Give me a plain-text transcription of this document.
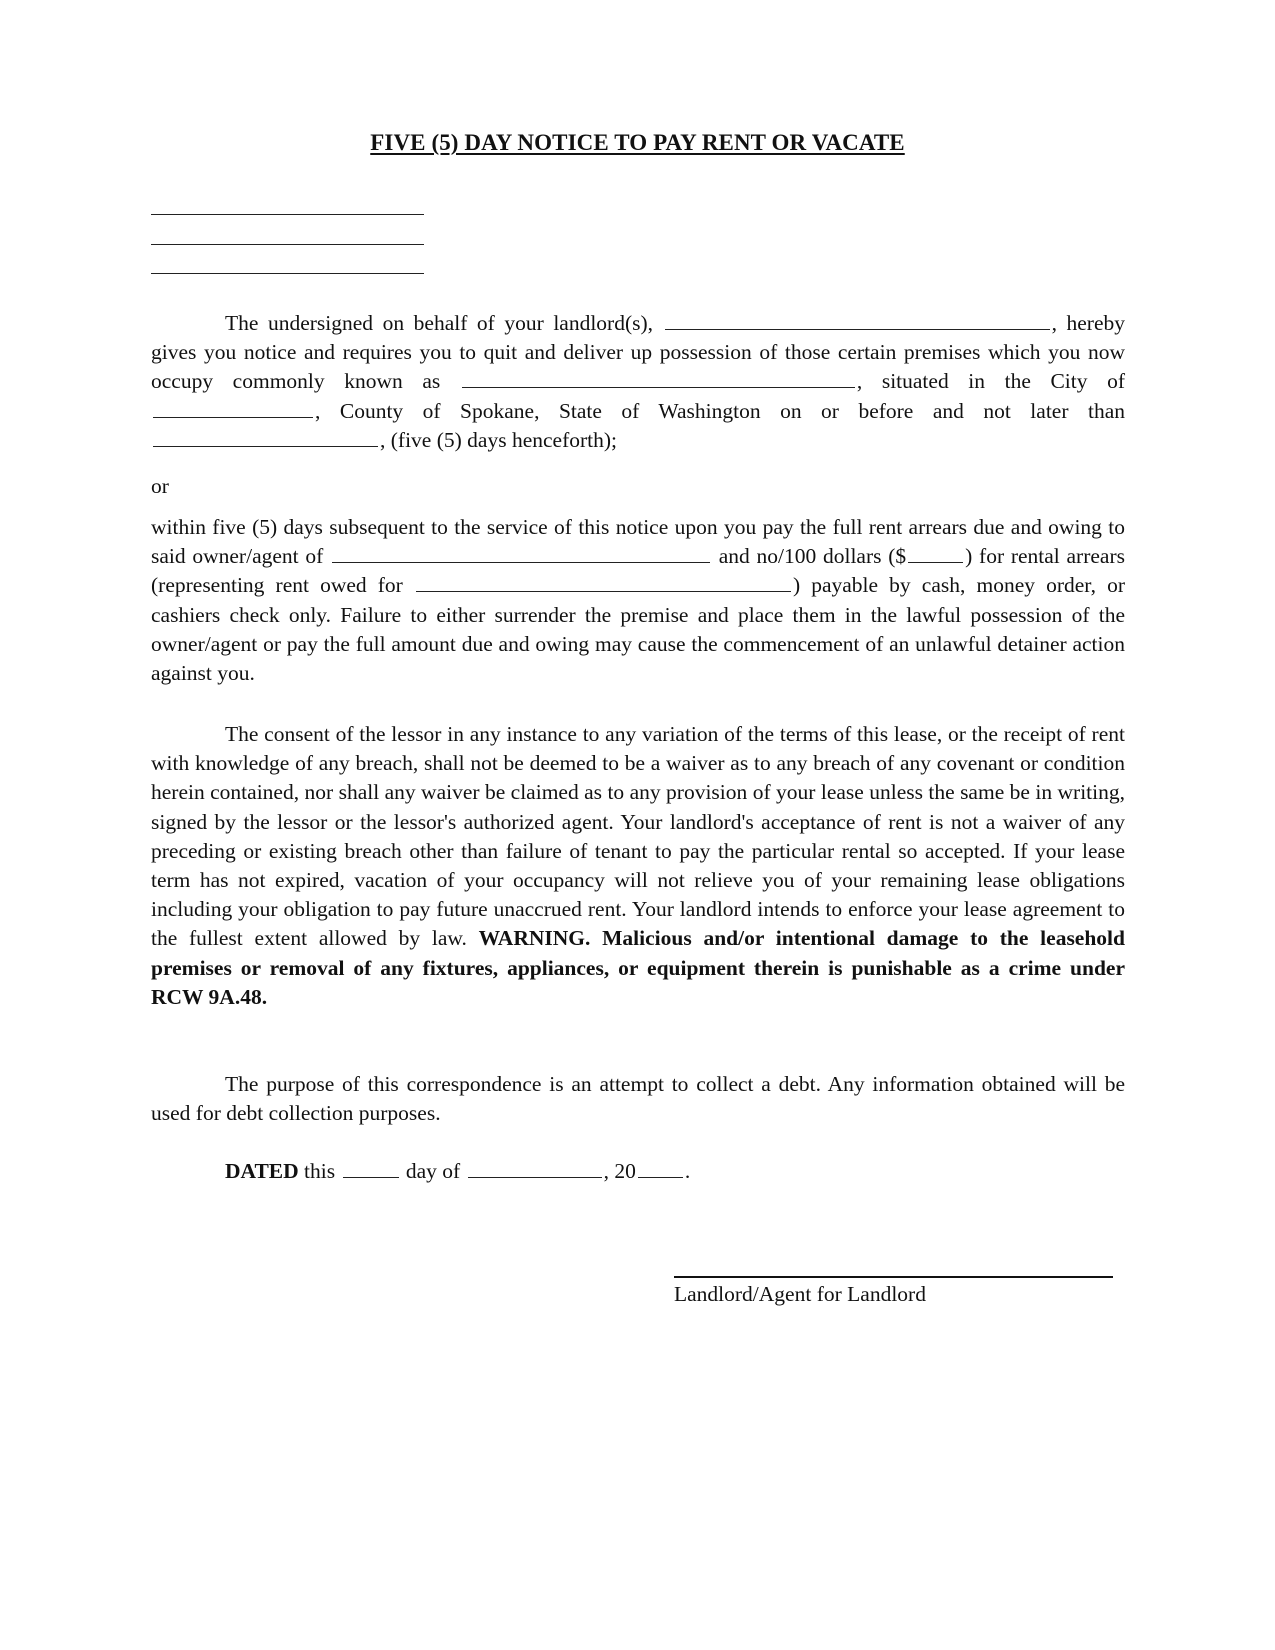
FIVE (5) DAY NOTICE TO PAY RENT OR VACATE
The undersigned on behalf of your landlord(s),	, hereby gives you notice and requires you to quit and deliver up possession of those certain premises which you now occupy commonly known as	, situated in the City of , County of Spokane, State of Washington on or before and not later than , (five (5) days henceforth);
or
within five (5) days subsequent to the service of this notice upon you pay the full rent arrears due and owing to said owner/agent of	and no/100 dollars ($	) for rental arrears (representing rent owed for	) payable by cash, money order, or cashiers check only. Failure to either surrender the premise and place them in the lawful possession of the owner/agent or pay the full amount due and owing may cause the commencement of an unlawful detainer action against you.
The consent of the lessor in any instance to any variation of the terms of this lease, or the receipt of rent with knowledge of any breach, shall not be deemed to be a waiver as to any breach of any covenant or condition herein contained, nor shall any waiver be claimed as to any provision of your lease unless the same be in writing, signed by the lessor or the lessor's authorized agent. Your landlord's acceptance of rent is not a waiver of any preceding or existing breach other than failure of tenant to pay the particular rental so accepted. If your lease term has not expired, vacation of your occupancy will not relieve you of your remaining lease obligations including your obligation to pay future unaccrued rent. Your landlord intends to enforce your lease agreement to the fullest extent allowed by law. WARNING. Malicious and/or intentional damage to the leasehold premises or removal of any fixtures, appliances, or equipment therein is punishable as a crime under RCW 9A.48.
The purpose of this correspondence is an attempt to collect a debt. Any information obtained will be used for debt collection purposes.
DATED this	day of	, 20 .
Landlord/Agent for Landlord
